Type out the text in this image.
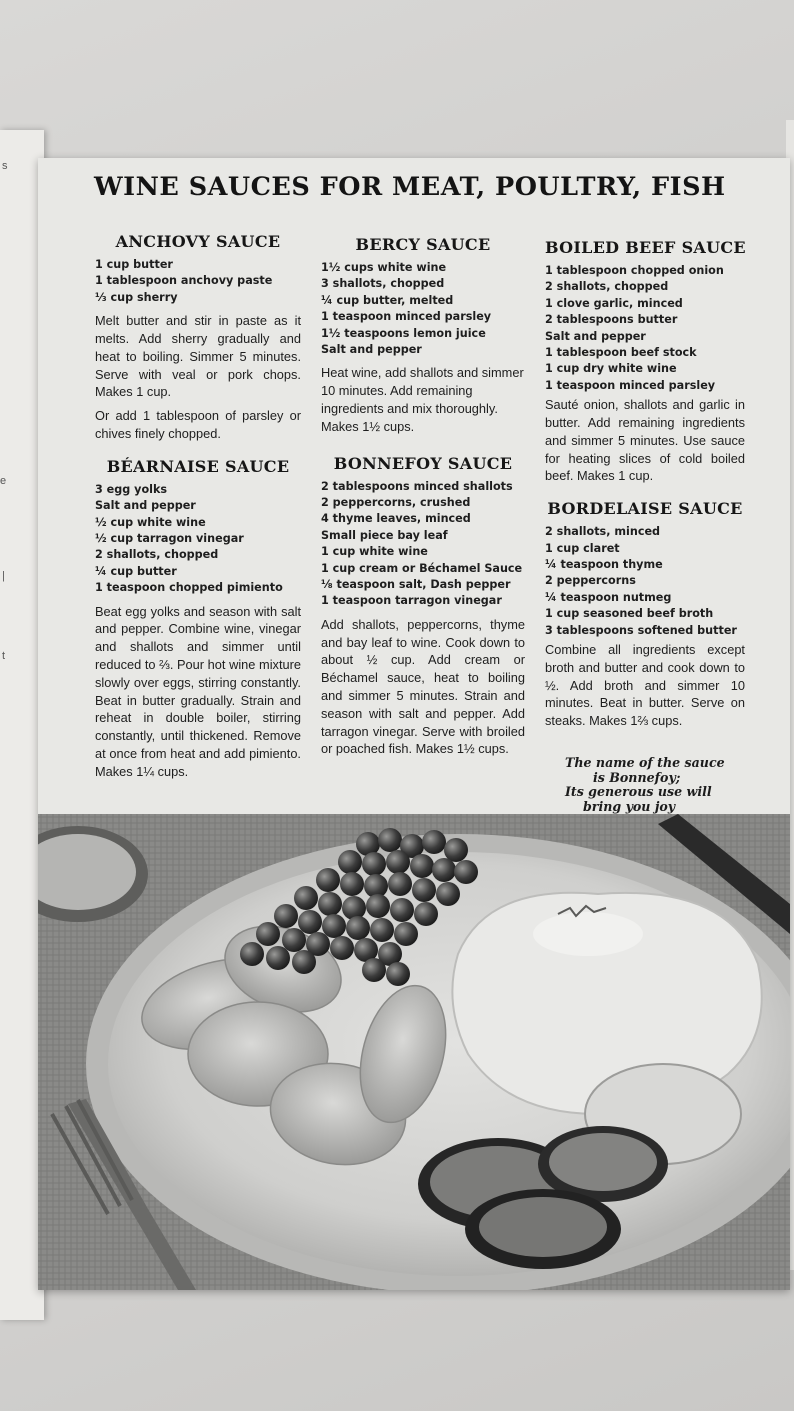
s
e
|
t
WINE SAUCES FOR MEAT, POULTRY, FISH
ANCHOVY SAUCE
1 cup butter
1 tablespoon anchovy paste
⅓ cup sherry
Melt butter and stir in paste as it melts. Add sherry gradually and heat to boiling. Simmer 5 minutes. Serve with veal or pork chops. Makes 1 cup.
Or add 1 tablespoon of parsley or chives finely chopped.
BÉARNAISE SAUCE
3 egg yolks
Salt and pepper
½ cup white wine
½ cup tarragon vinegar
2 shallots, chopped
¼ cup butter
1 teaspoon chopped pimiento
Beat egg yolks and season with salt and pepper. Combine wine, vinegar and shallots and simmer until reduced to ⅔. Pour hot wine mixture slowly over eggs, stirring constantly. Beat in butter gradually. Strain and reheat in double boiler, stirring constantly, until thickened. Remove at once from heat and add pimiento. Makes 1¼ cups.
BERCY SAUCE
1½ cups white wine
3 shallots, chopped
¼ cup butter, melted
1 teaspoon minced parsley
1½ teaspoons lemon juice
Salt and pepper
Heat wine, add shallots and simmer 10 minutes. Add remaining ingredients and mix thoroughly. Makes 1½ cups.
BONNEFOY SAUCE
2 tablespoons minced shallots
2 peppercorns, crushed
4 thyme leaves, minced
Small piece bay leaf
1 cup white wine
1 cup cream or Béchamel Sauce
⅛ teaspoon salt, Dash pepper
1 teaspoon tarragon vinegar
Add shallots, peppercorns, thyme and bay leaf to wine. Cook down to about ½ cup. Add cream or Béchamel sauce, heat to boiling and simmer 5 minutes. Strain and season with salt and pepper. Add tarragon vinegar. Serve with broiled or poached fish. Makes 1½ cups.
BOILED BEEF SAUCE
1 tablespoon chopped onion
2 shallots, chopped
1 clove garlic, minced
2 tablespoons butter
Salt and pepper
1 tablespoon beef stock
1 cup dry white wine
1 teaspoon minced parsley
Sauté onion, shallots and garlic in butter. Add remaining ingredients and simmer 5 minutes. Use sauce for heating slices of cold boiled beef. Makes 1 cup.
BORDELAISE SAUCE
2 shallots, minced
1 cup claret
¼ teaspoon thyme
2 peppercorns
¼ teaspoon nutmeg
1 cup seasoned beef broth
3 tablespoons softened butter
Combine all ingredients except broth and butter and cook down to ½. Add broth and simmer 10 minutes. Beat in butter. Serve on steaks. Makes 1⅔ cups.
The name of the sauce
is Bonnefoy;
Its generous use will
bring you joy
